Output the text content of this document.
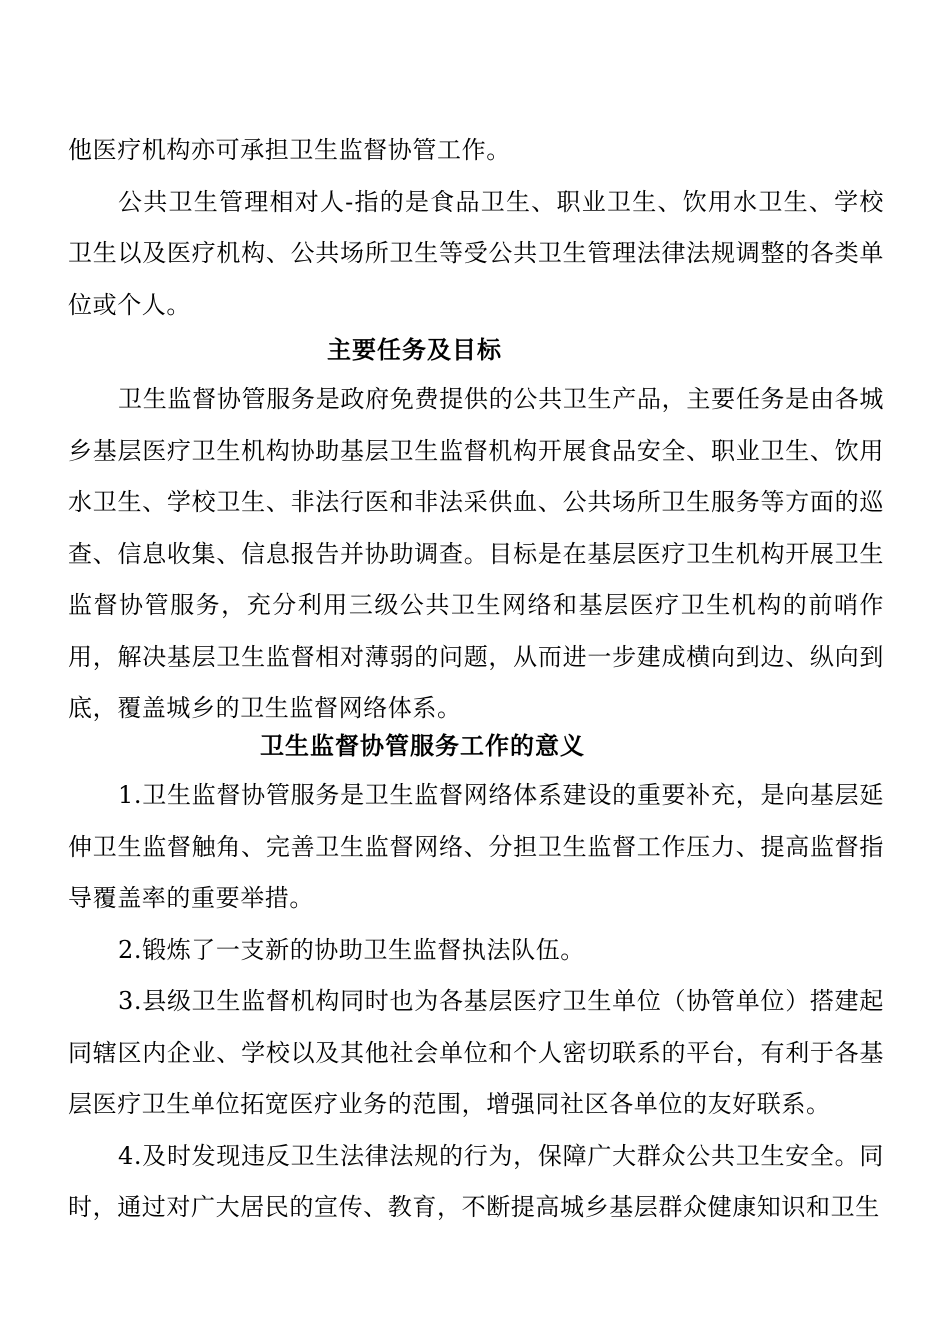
他医疗机构亦可承担卫生监督协管工作。

公共卫生管理相对人-指的是食品卫生、职业卫生、饮用水卫生、学校卫生以及医疗机构、公共场所卫生等受公共卫生管理法律法规调整的各类单位或个人。

主要任务及目标

卫生监督协管服务是政府免费提供的公共卫生产品，主要任务是由各城乡基层医疗卫生机构协助基层卫生监督机构开展食品安全、职业卫生、饮用水卫生、学校卫生、非法行医和非法采供血、公共场所卫生服务等方面的巡查、信息收集、信息报告并协助调查。目标是在基层医疗卫生机构开展卫生监督协管服务，充分利用三级公共卫生网络和基层医疗卫生机构的前哨作用，解决基层卫生监督相对薄弱的问题，从而进一步建成横向到边、纵向到底，覆盖城乡的卫生监督网络体系。

卫生监督协管服务工作的意义

1.卫生监督协管服务是卫生监督网络体系建设的重要补充，是向基层延伸卫生监督触角、完善卫生监督网络、分担卫生监督工作压力、提高监督指导覆盖率的重要举措。

2.锻炼了一支新的协助卫生监督执法队伍。

3.县级卫生监督机构同时也为各基层医疗卫生单位（协管单位）搭建起同辖区内企业、学校以及其他社会单位和个人密切联系的平台，有利于各基层医疗卫生单位拓宽医疗业务的范围，增强同社区各单位的友好联系。

4.及时发现违反卫生法律法规的行为，保障广大群众公共卫生安全。同时，通过对广大居民的宣传、教育，不断提高城乡基层群众健康知识和卫生
